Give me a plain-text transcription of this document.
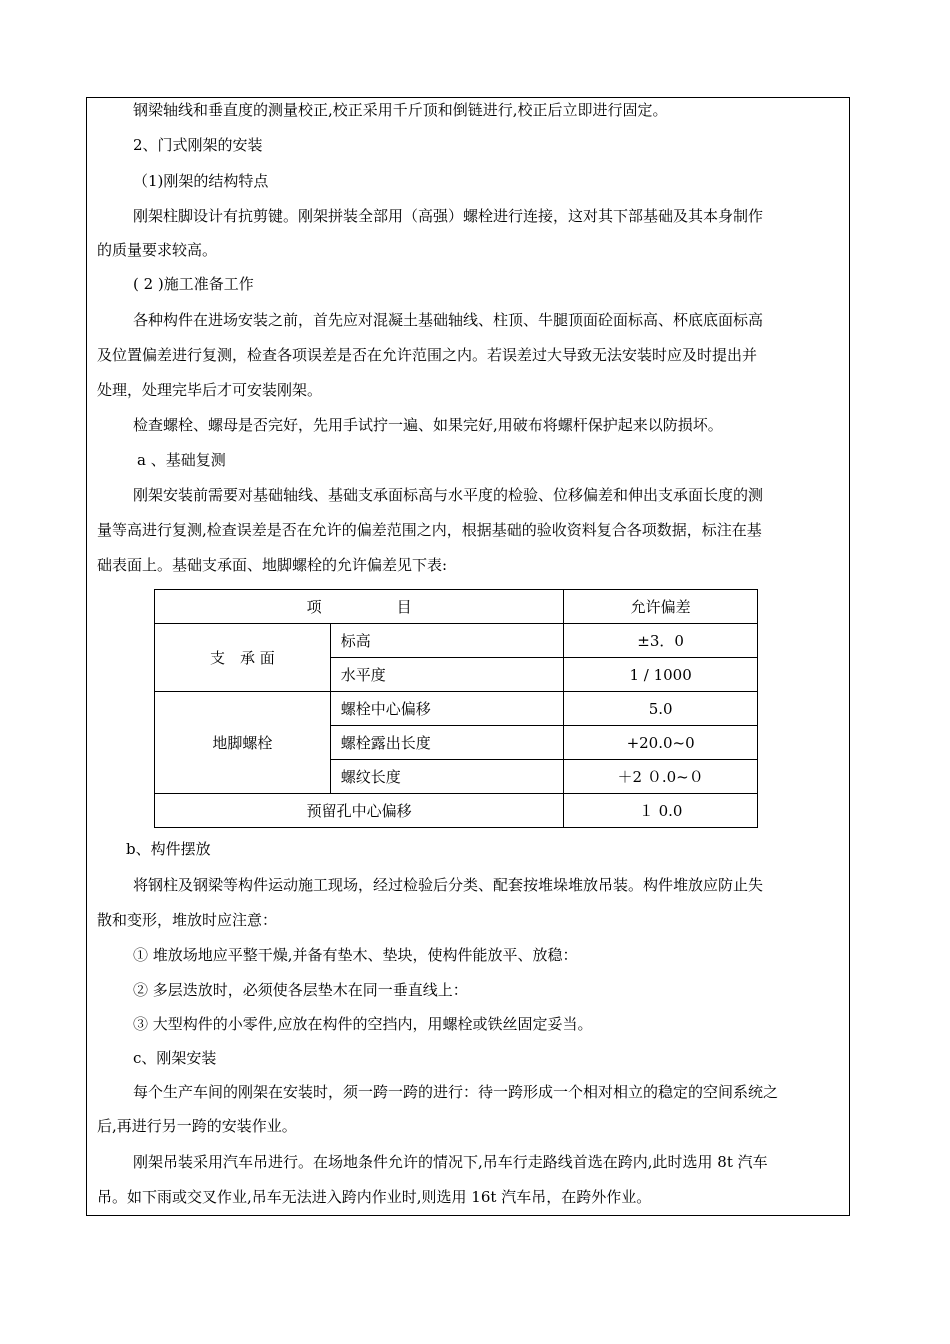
钢梁轴线和垂直度的测量校正,校正采用千斤顶和倒链进行,校正后立即进行固定。
2、门式刚架的安装
（1)刚架的结构特点
刚架柱脚设计有抗剪键。刚架拼装全部用（高强）螺栓进行连接，这对其下部基础及其本身制作
的质量要求较高。
( 2 )施工准备工作
各种构件在进场安装之前，首先应对混凝土基础轴线、柱顶、牛腿顶面砼面标高、杯底底面标高
及位置偏差进行复测，检查各项误差是否在允许范围之内。若误差过大导致无法安装时应及时提出并
处理，处理完毕后才可安装刚架。
检查螺栓、螺母是否完好，先用手试拧一遍、如果完好,用破布将螺杆保护起来以防损坏。
a 、基础复测
刚架安装前需要对基础轴线、基础支承面标高与水平度的检验、位移偏差和伸出支承面长度的测
量等高进行复测,检查误差是否在允许的偏差范围之内，根据基础的验收资料复合各项数据，标注在基
础表面上。基础支承面、地脚螺栓的允许偏差见下表:
项　　　　　目		允许偏差
支　承 面	标高	±3．0
	水平度	1 / 1000
地脚螺栓	螺栓中心偏移	5.0
	螺栓露出长度	+20.0~0
	螺纹长度	＋2 ０.0~０
预留孔中心偏移		１ 0.0
b、构件摆放
将钢柱及钢梁等构件运动施工现场，经过检验后分类、配套按堆垛堆放吊装。构件堆放应防止失
散和变形，堆放时应注意：
① 堆放场地应平整干燥,并备有垫木、垫块，使构件能放平、放稳：
② 多层迭放时，必须使各层垫木在同一垂直线上：
③ 大型构件的小零件,应放在构件的空挡内，用螺栓或铁丝固定妥当。
c、刚架安装
每个生产车间的刚架在安装时，须一跨一跨的进行：待一跨形成一个相对相立的稳定的空间系统之
后,再进行另一跨的安装作业。
刚架吊装采用汽车吊进行。在场地条件允许的情况下,吊车行走路线首选在跨内,此时选用 8t 汽车
吊。如下雨或交叉作业,吊车无法进入跨内作业时,则选用 16t 汽车吊，在跨外作业。
